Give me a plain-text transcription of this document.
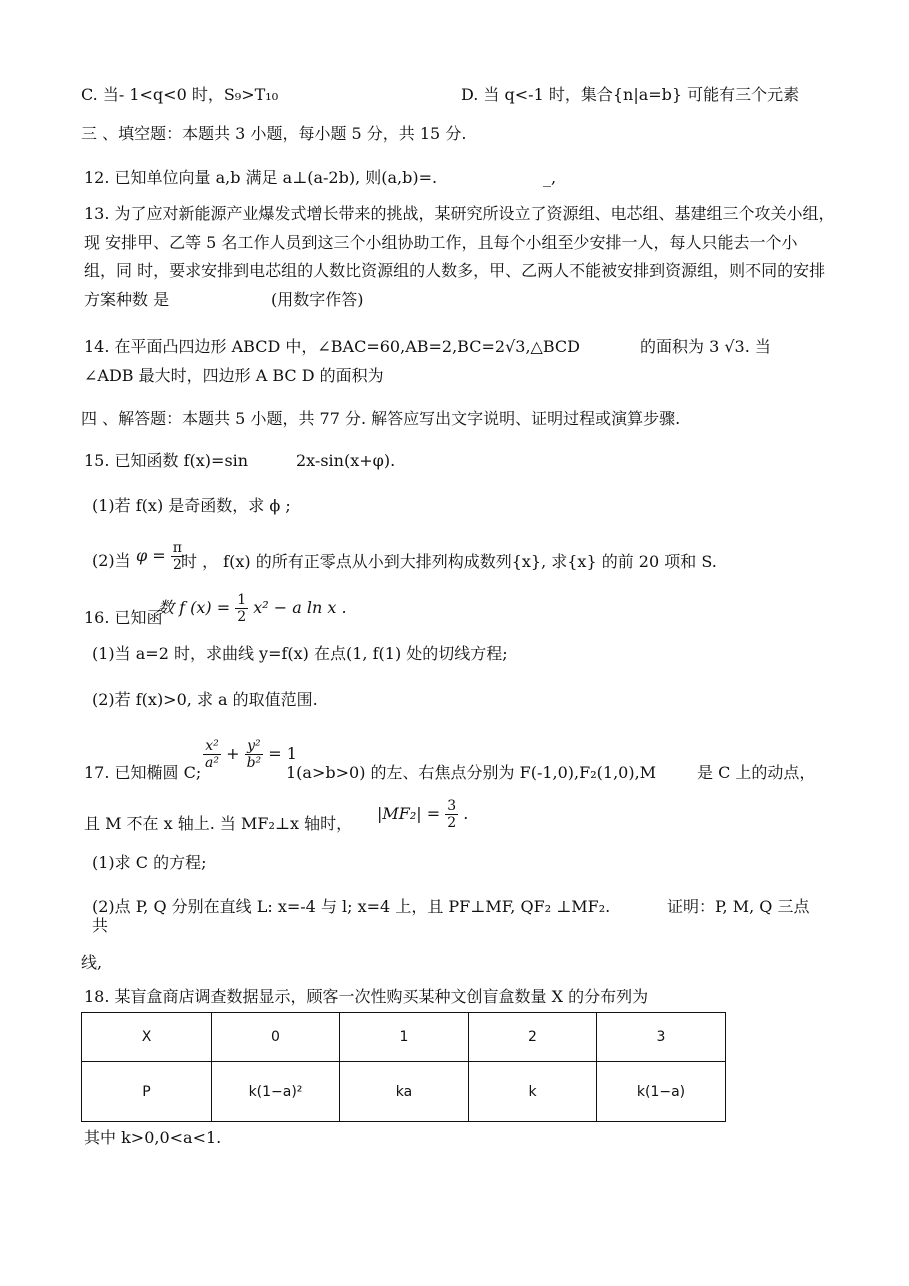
C. 当- 1<q<0 时，S₉>T₁₀	D. 当 q<-1 时，集合{n|a=b} 可能有三个元素
三 、填空题：本题共 3 小题，每小题 5 分，共 15 分.
12. 已知单位向量 a,b 满足 a⊥(a-2b), 则(a,b)=.	_,
13. 为了应对新能源产业爆发式增长带来的挑战，某研究所设立了资源组、电芯组、基建组三个攻关小组，
现 安排甲、乙等 5 名工作人员到这三个小组协助工作，且每个小组至少安排一人，每人只能去一个小
组，同 时，要求安排到电芯组的人数比资源组的人数多，甲、乙两人不能被安排到资源组，则不同的安排
方案种数 是	(用数字作答)
14. 在平面凸四边形 ABCD 中，∠BAC=60,AB=2,BC=2√3,△BCD	的面积为 3 √3. 当
∠ADB 最大时，四边形 A BC D 的面积为
四 、解答题：本题共 5 小题，共 77 分. 解答应写出文字说明、证明过程或演算步骤.
15. 已知函数 f(x)=sin	2x-sin(x+φ).
(1)若 f(x) 是奇函数，求 ϕ ;
(2)当 $\varphi = \frac{\pi}{2}$
时 ， f(x) 的所有正零点从小到大排列构成数列{x}, 求{x} 的前 20 项和 S.
16. 已知函
数 f $(x) = \frac{1}{2} x^2 - a$ ln x .
(1)当 a=2 时，求曲线 y=f(x) 在点(1, f(1) 处的切线方程;
(2)若 f(x)>0, 求 a 的取值范围.
17. 已知椭圆 C;
$\frac{\text{x²}}{\text{a²}} + \frac{\text{y²}}{\text{b²}} = 1$
1(a>b>0) 的左、右焦点分别为 F(-1,0),F₂(1,0),M	是 C 上的动点，
且 M 不在 x 轴上. 当 MF₂⊥x 轴时，
$|MF_2| = \frac{3}{2}$ .
(1)求 C 的方程;
(2)点 P, Q 分别在直线 L: x=-4 与 l; x=4 上，且 PF⊥MF, QF₂ ⊥MF₂.	证明：P, M, Q 三点
共
线,
18. 某盲盒商店调查数据显示，顾客一次性购买某种文创盲盒数量 X 的分布列为
X	0	1	2	3
P	k(1−a)²	ka	k	k(1−a)
其中 k>0,0<a<1.
